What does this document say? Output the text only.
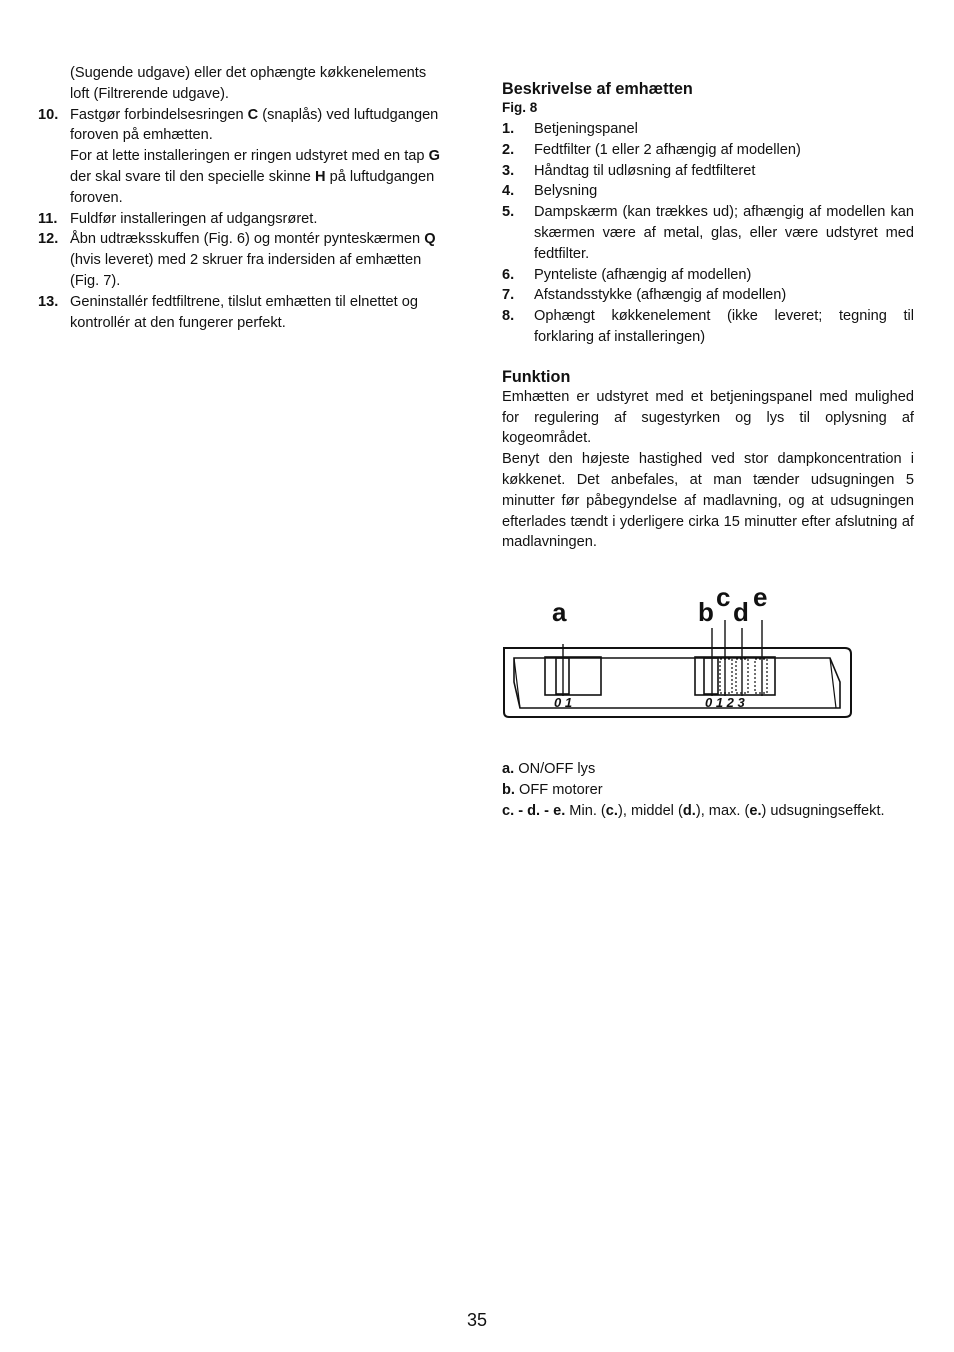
(Sugende udgave) eller det ophængte køkkenelements
loft (Filtrerende udgave).
10. Fastgør forbindelsesringen C (snaplås) ved luftudgangen
foroven på emhætten.
For at lette installeringen er ringen udstyret med en tap G
der skal svare til den specielle skinne H på luftudgangen
foroven.
11. Fuldfør installeringen af udgangsrøret.
12. Åbn udtræksskuffen (Fig. 6) og montér pynteskærmen Q
(hvis leveret) med 2 skruer fra indersiden af emhætten
(Fig. 7).
13. Geninstallér fedtfiltrene, tilslut emhætten til elnettet og
kontrollér at den fungerer perfekt.
Beskrivelse af emhætten
Fig. 8
1.	Betjeningspanel
2.	Fedtfilter (1 eller 2 afhængig af modellen)
3.	Håndtag til udløsning af fedtfilteret
4.	Belysning
5.	Dampskærm (kan trækkes ud); afhængig af modellen kan skærmen være af metal, glas, eller være udstyret med fedtfilter.
6.	Pynteliste (afhængig af modellen)
7.	Afstandsstykke (afhængig af modellen)
8.	Ophængt køkkenelement (ikke leveret; tegning til forklaring af installeringen)
Funktion
Emhætten er udstyret med et betjeningspanel med mulighed for regulering af sugestyrken og lys til oplysning af kogeområdet.
Benyt den højeste hastighed ved stor dampkoncentration i køkkenet. Det anbefales, at man tænder udsugningen 5 minutter før påbegyndelse af madlavning, og at udsugningen efterlades tændt i yderligere cirka 15 minutter efter afslutning af madlavningen.
a	b c d e
0 1	0 1 2 3
a. ON/OFF lys
b. OFF motorer
c. - d. - e. Min. (c.), middel (d.), max. (e.) udsugningseffekt.
35
